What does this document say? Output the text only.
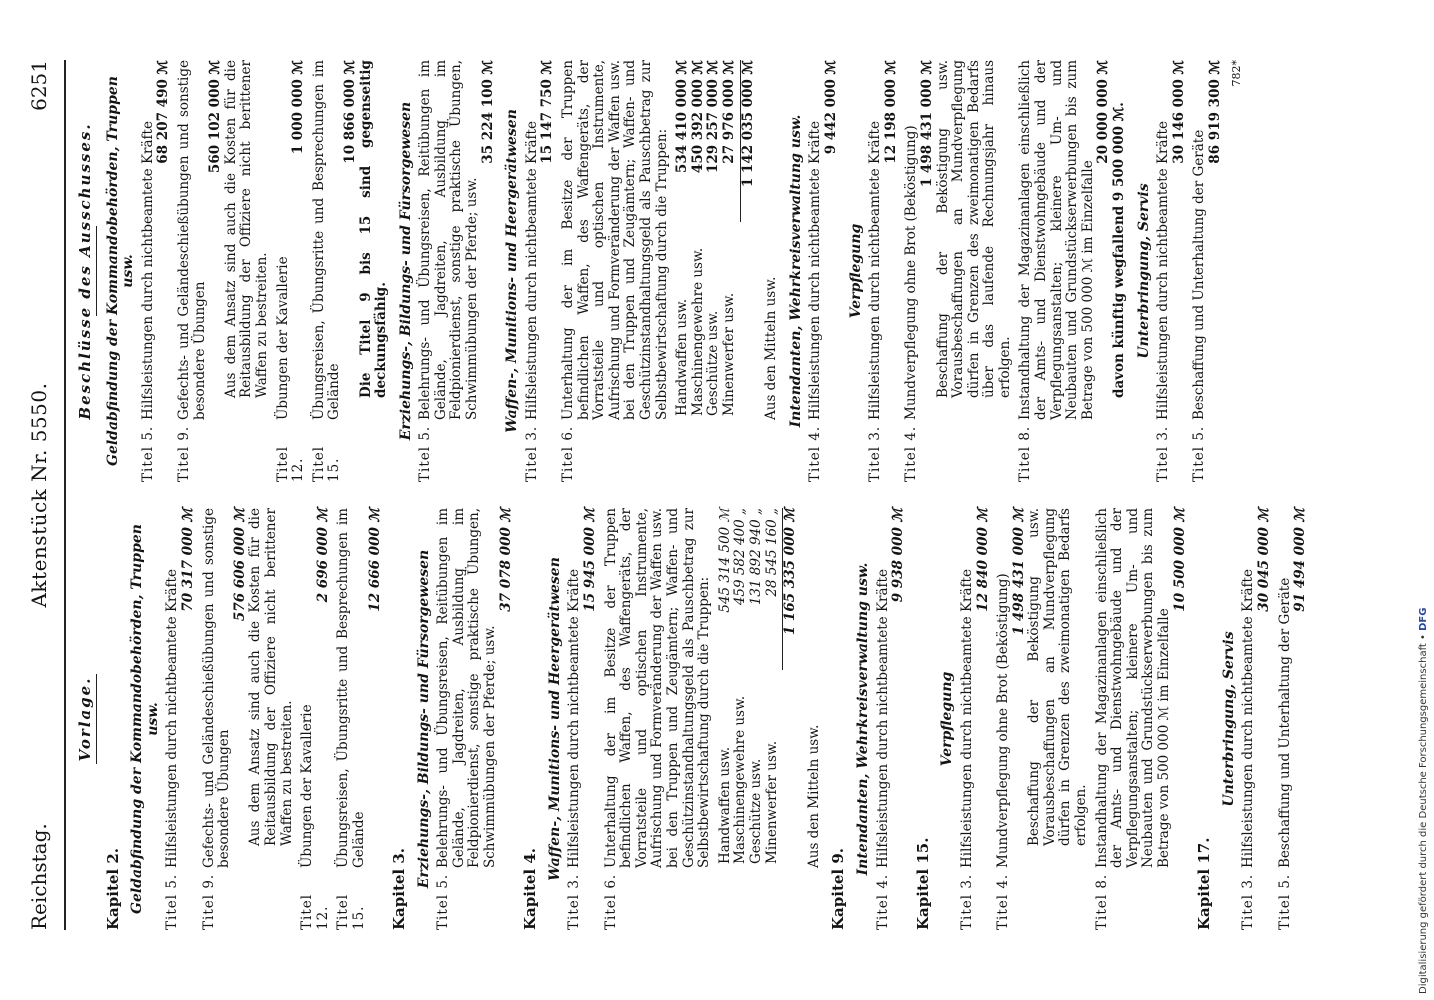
Reichstag.
Aktenstück Nr. 5550.
6251
Vorlage.
Kapitel 2. Geldabfindung der Kommandobehörden, Truppen usw.
Titel 5.
Hilfsleistungen durch nichtbeamtete Kräfte
70 317 000 ℳ
Titel 9.
Gefechts- und Geländeschießübungen und sonstige besondere Übungen
576 606 000 ℳ Aus dem Ansatz sind auch die Kosten für die Reitausbildung der Offiziere nicht berittener Waffen zu bestreiten.
Titel 12.
Übungen der Kavallerie
2 696 000 ℳ
Titel 15.
Übungsreisen, Übungsritte und Besprechungen im Gelände
12 666 000 ℳ
Kapitel 3.
Erziehungs-, Bildungs- und Fürsorgewesen
Titel 5.
Belehrungs- und Übungsreisen, Reitübungen im Gelände, Jagdreiten, Ausbildung im Feldpionierdienst, sonstige praktische Übungen, Schwimmübungen der Pferde; usw.
37 078 000 ℳ
Kapitel 4.
Waffen-, Munitions- und Heergerätwesen
Titel 3.
Hilfsleistungen durch nichtbeamtete Kräfte
15 945 000 ℳ
Titel 6.
Unterhaltung der im Besitze der Truppen befindlichen Waffen, des Waffengeräts, der Vorratsteile und optischen Instrumente, Aufrischung und Formveränderung der Waffen usw. bei den Truppen und Zeugämtern; Waffen- und Geschützinstandhaltungsgeld als Pauschbetrag zur Selbstbewirtschaftung durch die Truppen: Handwaffen usw.
545 314 500 ℳ
Maschinengewehre usw.
459 582 400 „
Geschütze usw.
131 892 940 „
Minenwerfer usw.
28 545 160 „ 1 165 335 000 ℳ
Aus den Mitteln usw.
Kapitel 9.
Intendanten, Wehrkreisverwaltung usw.
Titel 4.
Hilfsleistungen durch nichtbeamtete Kräfte
9 938 000 ℳ
Kapitel 15.
Verpflegung
Titel 3.
Hilfsleistungen durch nichtbeamtete Kräfte
12 840 000 ℳ
Titel 4.
Mundverpflegung ohne Brot (Beköstigung)
1 498 431 000 ℳ Beschaffung der Beköstigung usw. Vorausbeschaffungen an Mundverpflegung dürfen in Grenzen des zweimonatigen Bedarfs erfolgen.
Titel 8.
Instandhaltung der Magazinanlagen einschließlich der Amts- und Dienstwohngebäude und der Verpflegungsanstalten; kleinere Um- und Neubauten und Grundstückserwerbungen bis zum Betrage von 500 000 ℳ im Einzelfalle
10 500 000 ℳ
Kapitel 17.
Unterbringung, Servis
Titel 3.
Hilfsleistungen durch nichtbeamtete Kräfte
30 045 000 ℳ
Titel 5.
Beschaffung und Unterhaltung der Geräte
91 494 000 ℳ
Beschlüsse des Ausschusses. Geldabfindung der Kommandobehörden, Truppen usw.
Titel 5.
Hilfsleistungen durch nichtbeamtete Kräfte
68 207 490 ℳ
Titel 9.
Gefechts- und Geländeschießübungen und sonstige besondere Übungen
560 102 000 ℳ Aus dem Ansatz sind auch die Kosten für die Reitausbildung der Offiziere nicht berittener Waffen zu bestreiten.
Titel 12.
Übungen der Kavallerie
1 000 000 ℳ
Titel 15.
Übungsreisen, Übungsritte und Besprechungen im Gelände
10 866 000 ℳ Die Titel 9 bis 15 sind gegenseitig deckungsfähig. Erziehungs-, Bildungs- und Fürsorgewesen
Titel 5.
Belehrungs- und Übungsreisen, Reitübungen im Gelände, Jagdreiten, Ausbildung im Feldpionierdienst, sonstige praktische Übungen, Schwimmübungen der Pferde; usw.
35 224 100 ℳ Waffen-, Munitions- und Heergerätwesen
Titel 3.
Hilfsleistungen durch nichtbeamtete Kräfte
15 147 750 ℳ
Titel 6.
Unterhaltung der im Besitze der Truppen befindlichen Waffen, des Waffengeräts, der Vorratsteile und optischen Instrumente, Aufrischung und Formveränderung der Waffen usw. bei den Truppen und Zeugämtern; Waffen- und Geschützinstandhaltungsgeld als Pauschbetrag zur Selbstbewirtschaftung durch die Truppen: Handwaffen usw.
534 410 000 ℳ
Maschinengewehre usw.
450 392 000 ℳ
Geschütze usw.
129 257 000 ℳ
Minenwerfer usw.
27 976 000 ℳ 1 142 035 000 ℳ
Aus den Mitteln usw. Intendanten, Wehrkreisverwaltung usw.
Titel 4.
Hilfsleistungen durch nichtbeamtete Kräfte
9 442 000 ℳ
Verpflegung
Titel 3.
Hilfsleistungen durch nichtbeamtete Kräfte
12 198 000 ℳ
Titel 4.
Mundverpflegung ohne Brot (Beköstigung)
1 498 431 000 ℳ Beschaffung der Beköstigung usw. Vorausbeschaffungen an Mundverpflegung dürfen in Grenzen des zweimonatigen Bedarfs über das laufende Rechnungsjahr hinaus erfolgen.
Titel 8.
Instandhaltung der Magazinanlagen einschließlich der Amts- und Dienstwohngebäude und der Verpflegungsanstalten; kleinere Um- und Neubauten und Grundstückserwerbungen bis zum Betrage von 500 000 ℳ im Einzelfalle
20 000 000 ℳ davon künftig wegfallend 9 500 000 ℳ. Unterbringung, Servis
Titel 3.
Hilfsleistungen durch nichtbeamtete Kräfte
30 146 000 ℳ
Titel 5.
Beschaffung und Unterhaltung der Geräte
86 919 300 ℳ 782*
Digitalisierung gefördert durch die Deutsche Forschungsgemeinschaft • DFG
